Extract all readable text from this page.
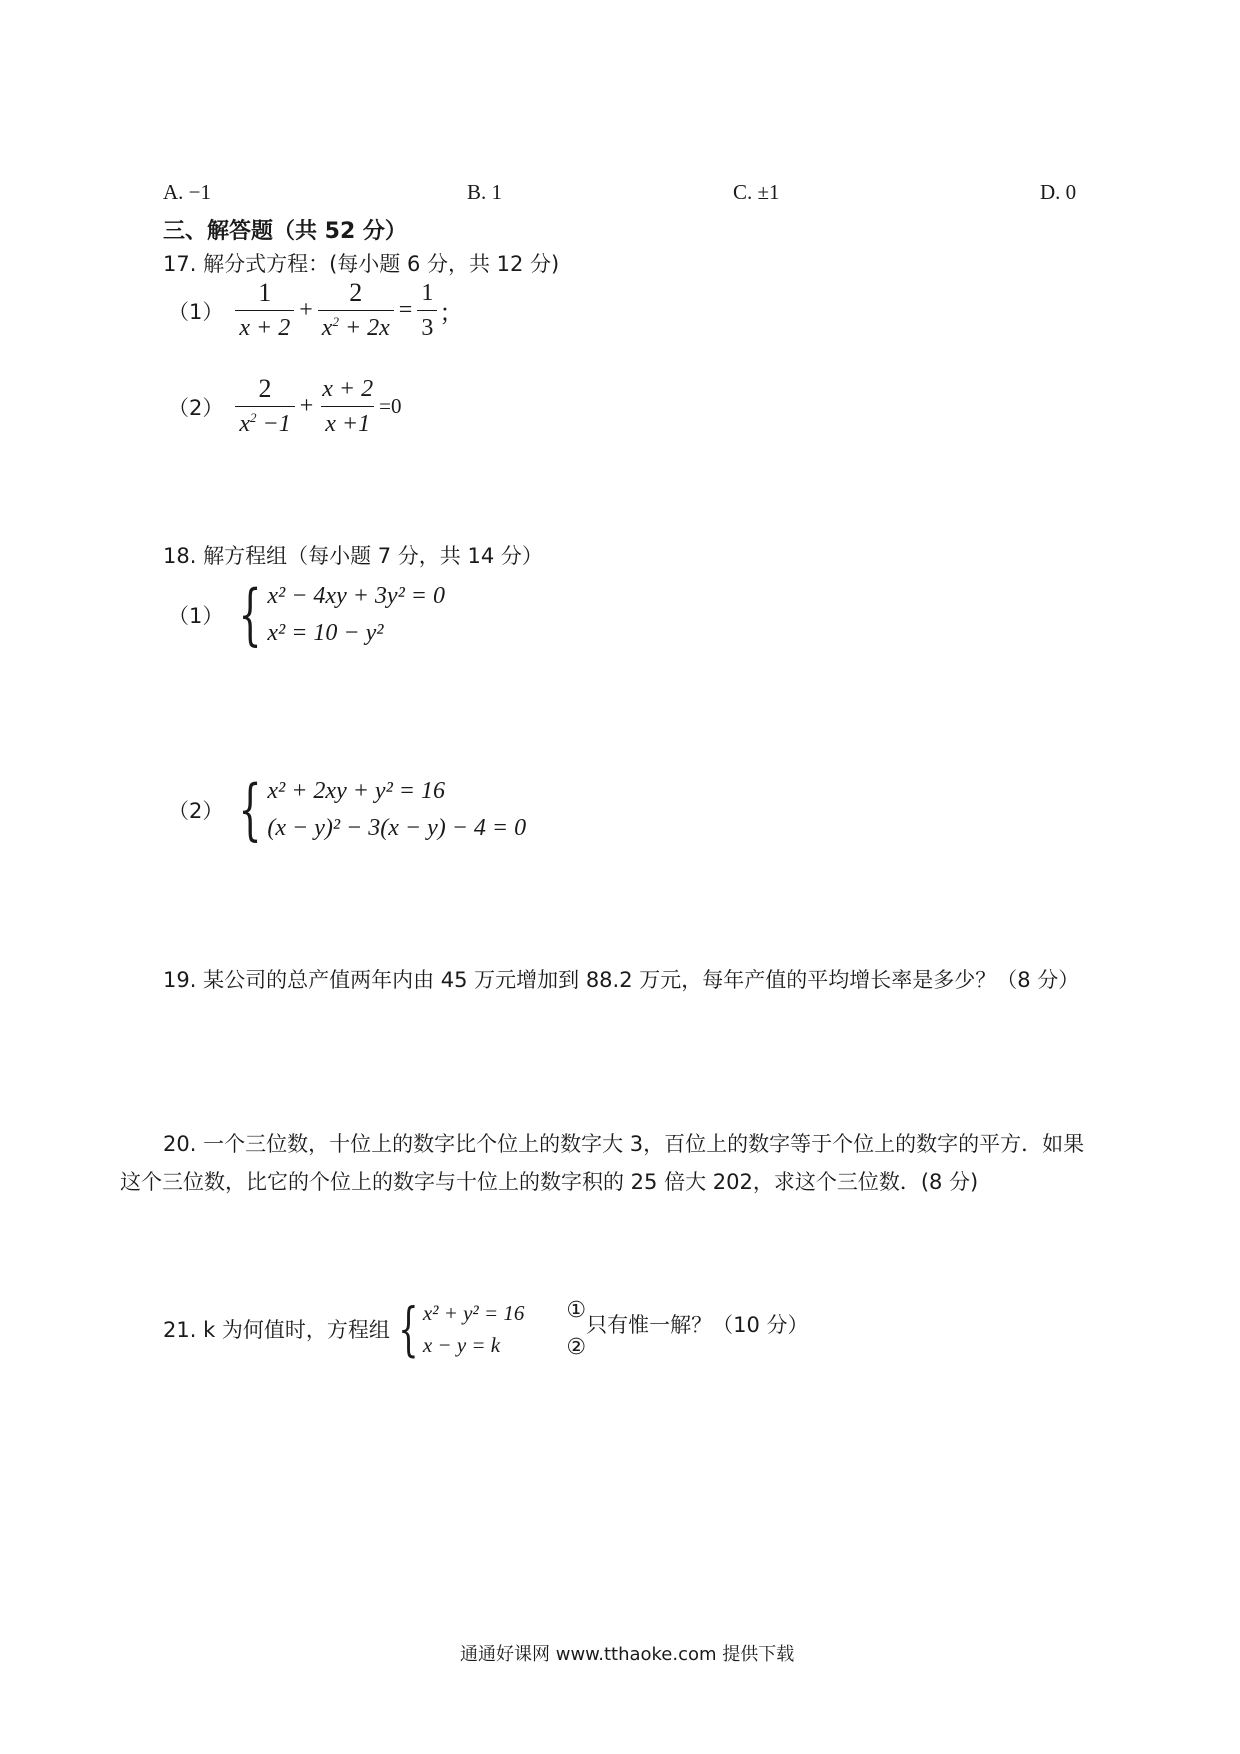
A. −1	B. 1	C. ±1	D. 0
三、解答题（共 52 分）
17. 解分式方程：(每小题 6 分，共 12 分)
$(1) \frac{1}{x + 2} + \frac{2}{x^2 + 2x} = \frac{1}{3}$ ；
$(2) \frac{2}{x^2 -1} + \frac{x + 2}{x +1} =0$
18. 解方程组（每小题 7 分，共 14 分）
（1） { x² − 4xy + 3y² = 0
x² = 10 − y²
（2） { x² + 2xy + y² = 16
(x − y)² − 3(x − y) − 4 = 0
19. 某公司的总产值两年内由 45 万元增加到 88.2 万元，每年产值的平均增长率是多少？（8 分）
20. 一个三位数，十位上的数字比个位上的数字大 3，百位上的数字等于个位上的数字的平方．如果
这个三位数，比它的个位上的数字与十位上的数字积的 25 倍大 202，求这个三位数．(8 分)
21. k 为何值时，方程组 { x² + y² = 16
x − y = k
①
②
只有惟一解？（10 分）
通通好课网 www.tthaoke.com 提供下载
